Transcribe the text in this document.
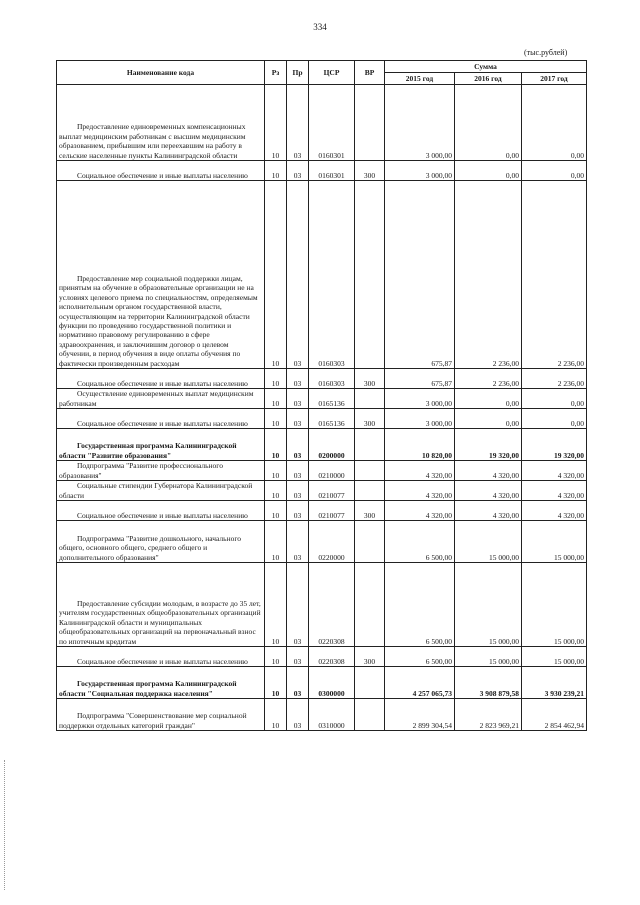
334
(тыс.рублей)
Наименование кода	Рз	Пр	ЦСР	ВР	Сумма		
					2015 год	2016 год	2017 год

Предоставление единовременных компенсационных выплат медицинским работникам с высшим медицинским образованием, прибывшим или переехавшим на работу в сельские населенные пункты Калининградской области	10	03	0160301		3 000,00	0,00	0,00

Социальное обеспечение и иные выплаты населению	10	03	0160301	300	3 000,00	0,00	0,00

Предоставление мер социальной поддержки лицам, принятым на обучение в образовательные организации не на условиях целевого приема по специальностям, определяемым исполнительным органом государственной власти, осуществляющим на территории Калининградской области функции по проведению государственной политики и нормативно правовому регулированию в сфере здравоохранения, и заключившим договор о целевом обучении, в период обучения в виде оплаты обучения по фактически произведенным расходам	10	03	0160303		675,87	2 236,00	2 236,00

Социальное обеспечение и иные выплаты населению	10	03	0160303	300	675,87	2 236,00	2 236,00

Осуществление единовременных выплат медицинским работникам	10	03	0165136		3 000,00	0,00	0,00

Социальное обеспечение и иные выплаты населению	10	03	0165136	300	3 000,00	0,00	0,00

Государственная программа Калининградской области "Развитие образования"	10	03	0200000		10 820,00	19 320,00	19 320,00

Подпрограмма "Развитие профессионального образования"	10	03	0210000		4 320,00	4 320,00	4 320,00

Социальные стипендии Губернатора Калининградской области	10	03	0210077		4 320,00	4 320,00	4 320,00

Социальное обеспечение и иные выплаты населению	10	03	0210077	300	4 320,00	4 320,00	4 320,00

Подпрограмма "Развитие дошкольного, начального общего, основного общего, среднего общего и дополнительного образования"	10	03	0220000		6 500,00	15 000,00	15 000,00

Предоставление субсидии молодым, в возрасте до 35 лет, учителям государственных общеобразовательных организаций Калининградской области и муниципальных общеобразовательных организаций на первоначальный взнос по ипотечным кредитам	10	03	0220308		6 500,00	15 000,00	15 000,00

Социальное обеспечение и иные выплаты населению	10	03	0220308	300	6 500,00	15 000,00	15 000,00

Государственная программа Калининградской области "Социальная поддержка населения"	10	03	0300000		4 257 065,73	3 908 879,58	3 930 239,21

Подпрограмма "Совершенствование мер социальной поддержки отдельных категорий граждан"	10	03	0310000		2 899 304,54	2 823 969,21	2 854 462,94
